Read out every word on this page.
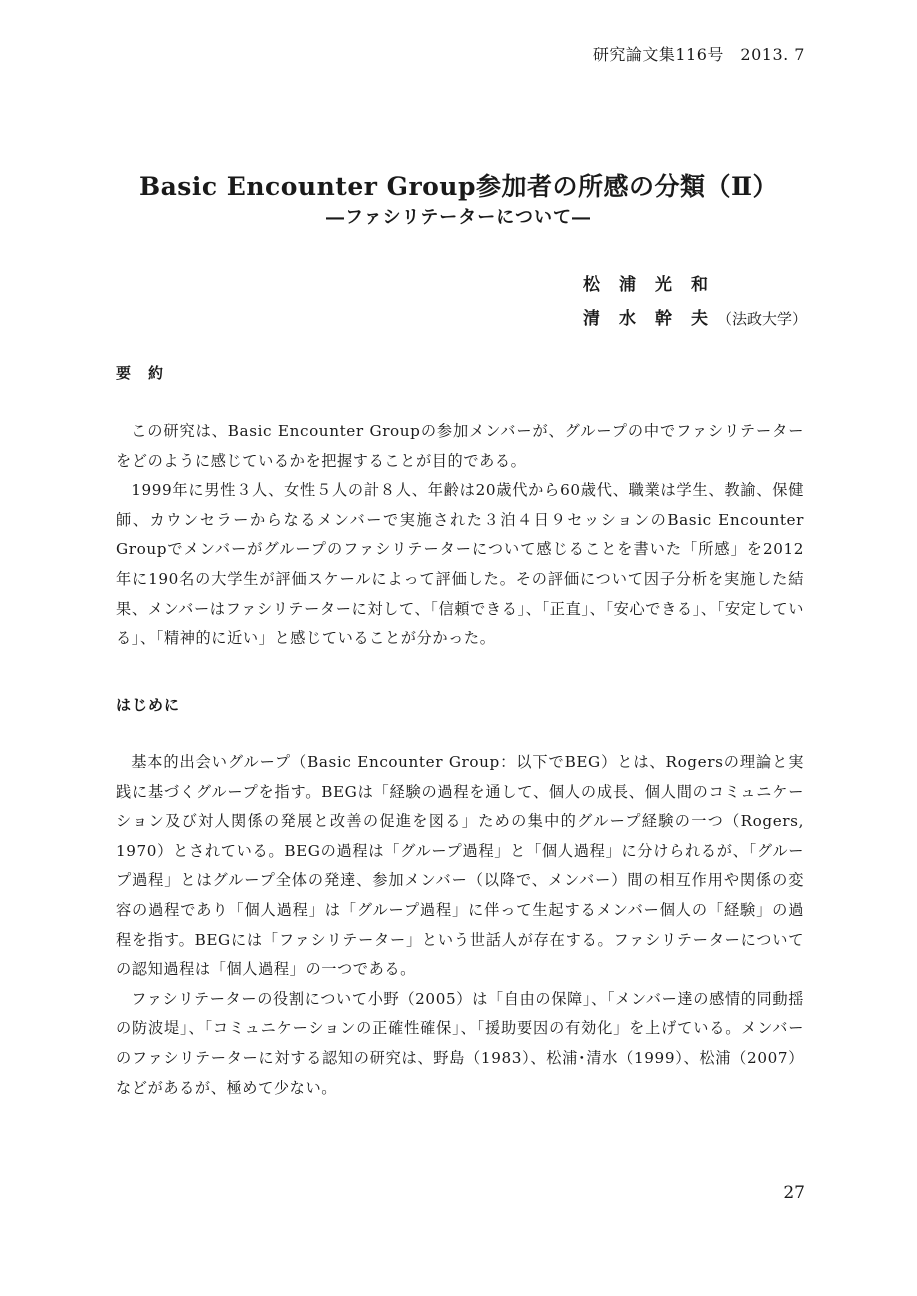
研究論文集116号　2013. 7
Basic Encounter Group参加者の所感の分類（Ⅱ）
―ファシリテーターについて―
松浦光和
清水幹夫（法政大学）
要　約

この研究は、Basic Encounter Groupの参加メンバーが、グループの中でファシリテーターをどのように感じているかを把握することが目的である。

1999年に男性３人、女性５人の計８人、年齢は20歳代から60歳代、職業は学生、教諭、保健師、カウンセラーからなるメンバーで実施された３泊４日９セッションのBasic Encounter Groupでメンバーがグループのファシリテーターについて感じることを書いた「所感」を2012年に190名の大学生が評価スケールによって評価した。その評価について因子分析を実施した結果、メンバーはファシリテーターに対して、「信頼できる」、「正直」、「安心できる」、「安定している」、「精神的に近い」と感じていることが分かった。

はじめに

基本的出会いグループ（Basic Encounter Group：以下でBEG）とは、Rogersの理論と実践に基づくグループを指す。BEGは「経験の過程を通して、個人の成長、個人間のコミュニケーション及び対人関係の発展と改善の促進を図る」ための集中的グループ経験の一つ（Rogers, 1970）とされている。BEGの過程は「グループ過程」と「個人過程」に分けられるが、「グループ過程」とはグループ全体の発達、参加メンバー（以降で、メンバー）間の相互作用や関係の変容の過程であり「個人過程」は「グループ過程」に伴って生起するメンバー個人の「経験」の過程を指す。BEGには「ファシリテーター」という世話人が存在する。ファシリテーターについての認知過程は「個人過程」の一つである。

ファシリテーターの役割について小野（2005）は「自由の保障」、「メンバー達の感情的同動揺の防波堤」、「コミュニケーションの正確性確保」、「援助要因の有効化」を上げている。メンバーのファシリテーターに対する認知の研究は、野島（1983）、松浦･清水（1999）、松浦（2007）などがあるが、極めて少ない。

27
